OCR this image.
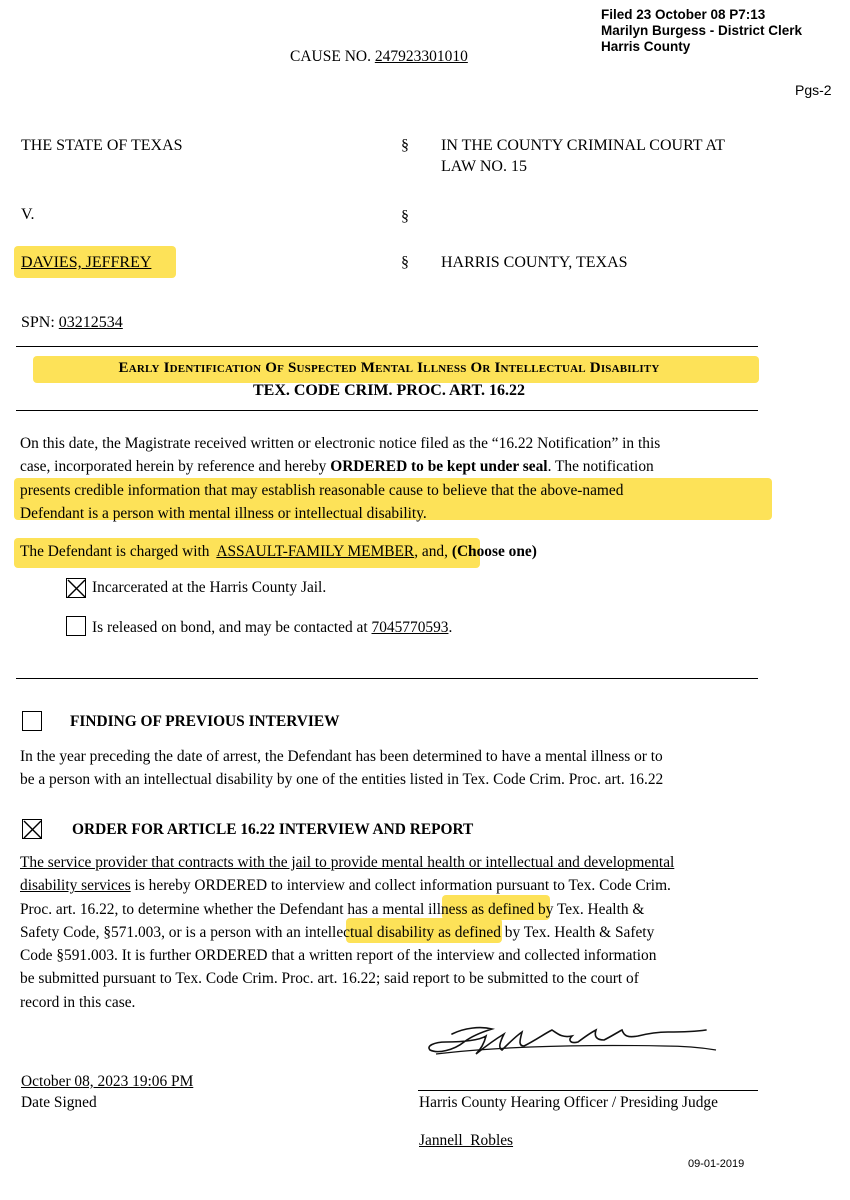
Filed 23 October 08 P7:13
Marilyn Burgess - District Clerk
Harris County
Pgs-2
CAUSE NO. 247923301010
THE STATE OF TEXAS	§ IN THE COUNTY CRIMINAL COURT AT
LAW NO. 15
V.	§
DAVIES, JEFFREY	§ HARRIS COUNTY, TEXAS
SPN: 03212534
Early Identification Of Suspected Mental Illness Or Intellectual Disability
TEX. CODE CRIM. PROC. ART. 16.22
On this date, the Magistrate received written or electronic notice filed as the “16.22 Notification” in this
case, incorporated herein by reference and hereby ORDERED to be kept under seal. The notification
presents credible information that may establish reasonable cause to believe that the above-named
Defendant is a person with mental illness or intellectual disability.
The Defendant is charged with ASSAULT-FAMILY MEMBER, and, (Choose one)
Incarcerated at the Harris County Jail.
Is released on bond, and may be contacted at 7045770593.
FINDING OF PREVIOUS INTERVIEW
In the year preceding the date of arrest, the Defendant has been determined to have a mental illness or to
be a person with an intellectual disability by one of the entities listed in Tex. Code Crim. Proc. art. 16.22
ORDER FOR ARTICLE 16.22 INTERVIEW AND REPORT
The service provider that contracts with the jail to provide mental health or intellectual and developmental
disability services is hereby ORDERED to interview and collect information pursuant to Tex. Code Crim.
Proc. art. 16.22, to determine whether the Defendant has a mental illness as defined by Tex. Health &
Safety Code, §571.003, or is a person with an intellectual disability as defined by Tex. Health & Safety
Code §591.003. It is further ORDERED that a written report of the interview and collected information
be submitted pursuant to Tex. Code Crim. Proc. art. 16.22; said report to be submitted to the court of
record in this case.
October 08, 2023 19:06 PM
Date Signed	Harris County Hearing Officer / Presiding Judge
Jannell_Robles
09-01-2019
